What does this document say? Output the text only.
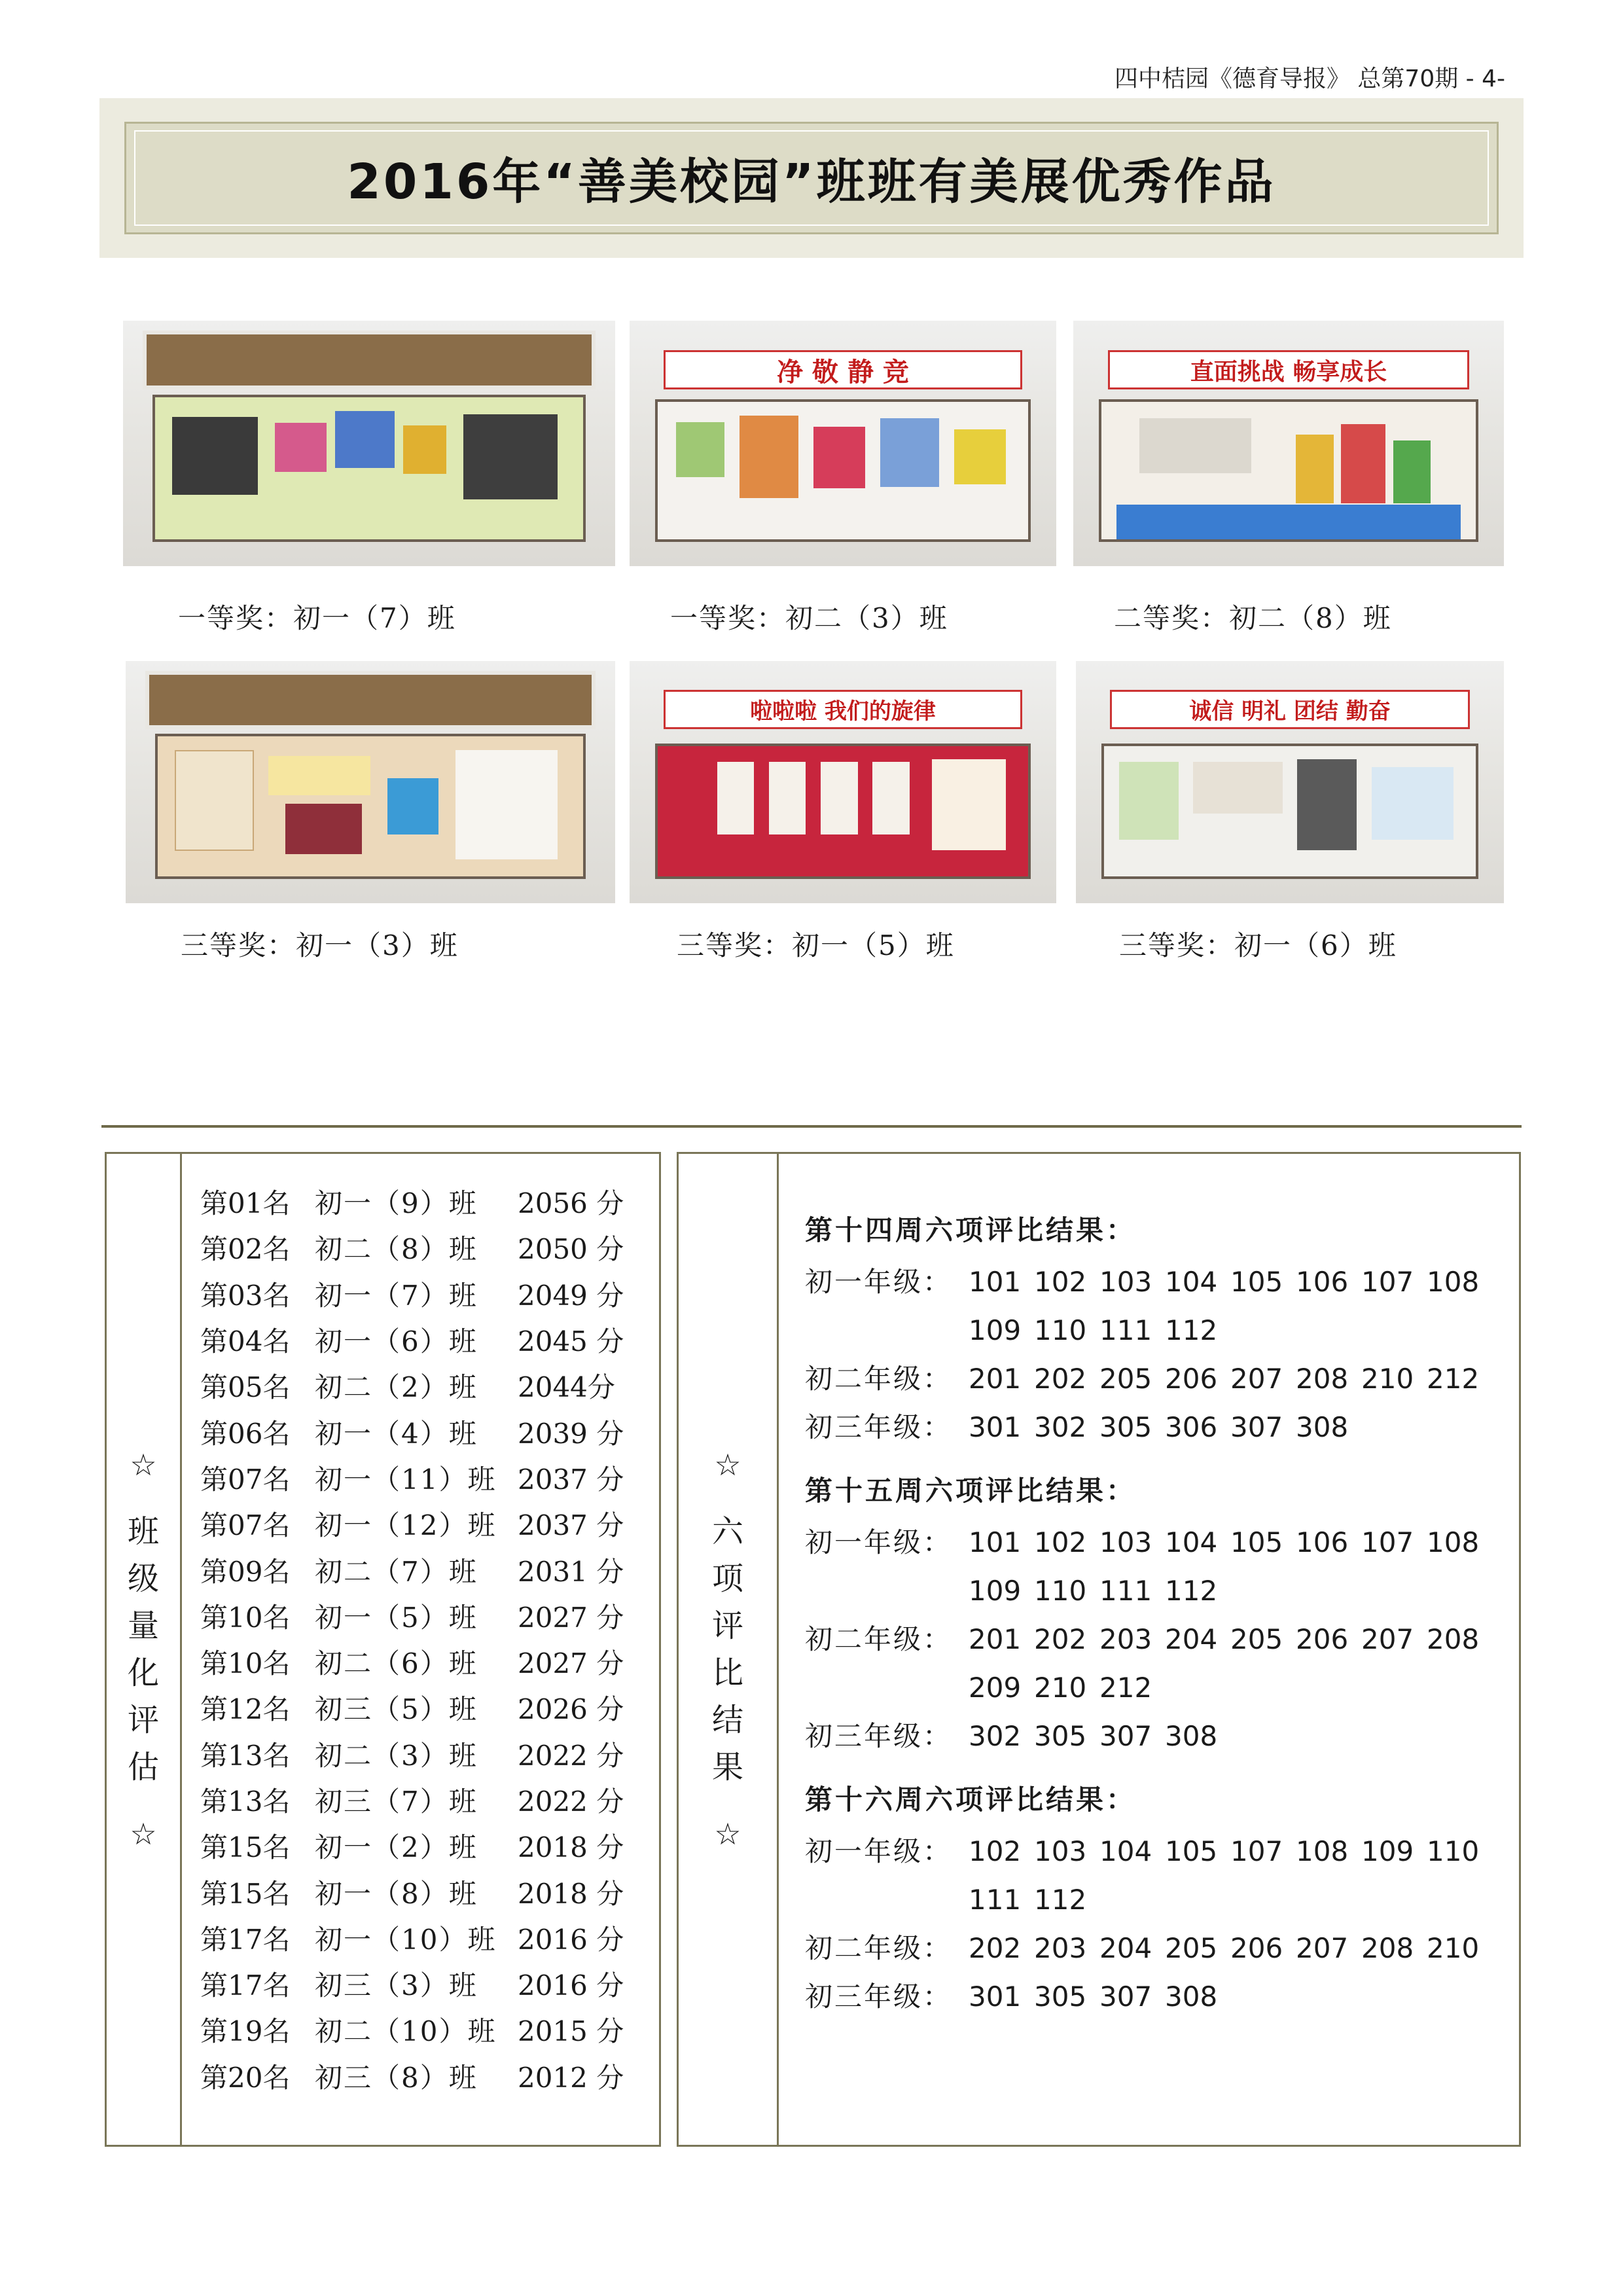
四中桔园《德育导报》 总第70期 - 4-
2016年“善美校园”班班有美展优秀作品
净 敬 静 竞	直面挑战 畅享成长
一等奖：初一（7）班	一等奖：初二（3）班	二等奖：初二（8）班
啦啦啦 我们的旋律	诚信 明礼 团结 勤奋
三等奖：初一（3）班	三等奖：初一（5）班	三等奖：初一（6）班
☆
班
级
量
化
评
估
☆
第01名 初一（9）班	2056 分
第02名 初二（8）班	2050 分
第03名 初一（7）班	2049 分
第04名 初一（6）班	2045 分
第05名 初二（2）班	2044分
第06名 初一（4）班	2039 分
第07名 初一（11）班 2037 分
第07名 初一（12）班 2037 分
第09名 初二（7）班	2031 分
第10名 初一（5）班	2027 分
第10名 初二（6）班	2027 分
第12名 初三（5）班	2026 分
第13名 初二（3）班	2022 分
第13名 初三（7）班	2022 分
第15名 初一（2）班	2018 分
第15名 初一（8）班	2018 分
第17名 初一（10）班 2016 分
第17名 初三（3）班	2016 分
第19名 初二（10）班 2015 分
第20名 初三（8）班	2012 分
☆
六
项
评
比
结
果
☆
第十四周六项评比结果：
初一年级： 101 102 103 104 105 106 107 108
109 110 111 112
初二年级： 201 202 205 206 207 208 210 212
初三年级： 301 302 305 306 307 308
第十五周六项评比结果：
初一年级： 101 102 103 104 105 106 107 108
109 110 111 112
初二年级： 201 202 203 204 205 206 207 208
209 210 212
初三年级： 302 305 307 308
第十六周六项评比结果：
初一年级： 102 103 104 105 107 108 109 110
111 112
初二年级： 202 203 204 205 206 207 208 210
初三年级： 301 305 307 308
